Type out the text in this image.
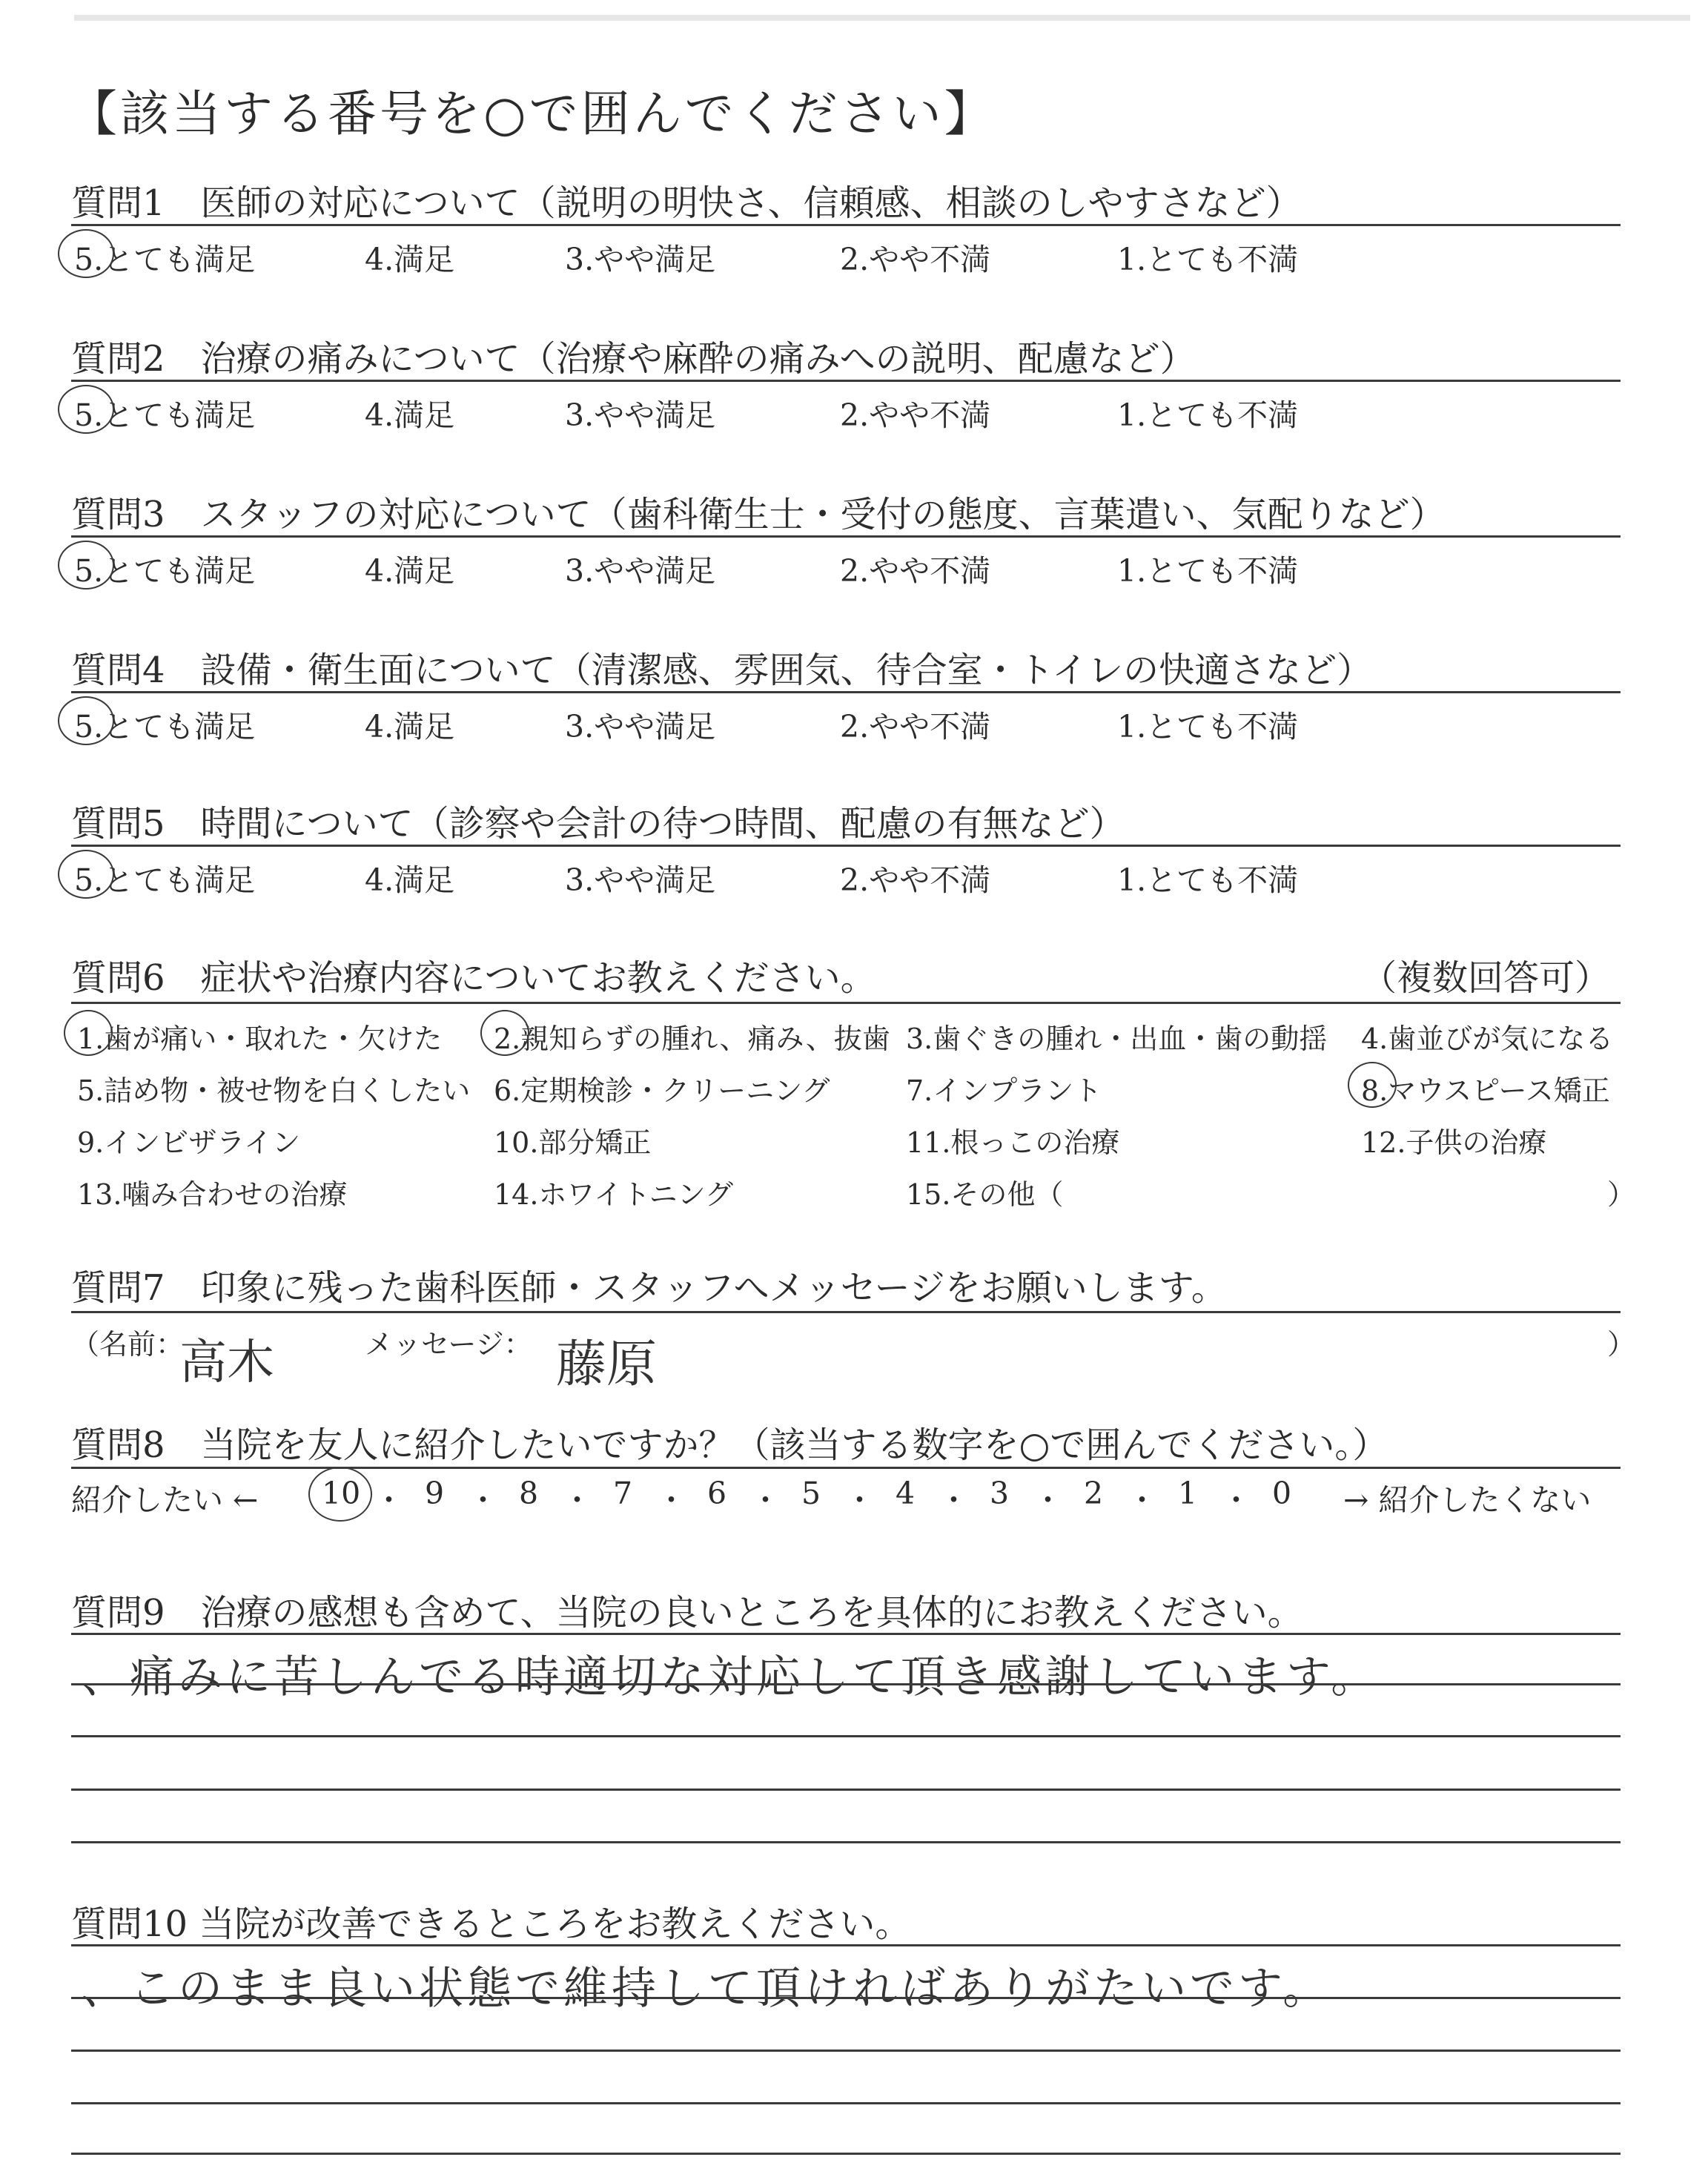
【該当する番号を○で囲んでください】
質問1　医師の対応について（説明の明快さ、信頼感、相談のしやすさなど）
5.とても満足	4.満足	3.やや満足	2.やや不満	1.とても不満
質問2　治療の痛みについて（治療や麻酔の痛みへの説明、配慮など）
5.とても満足	4.満足	3.やや満足	2.やや不満	1.とても不満
質問3　スタッフの対応について（歯科衛生士・受付の態度、言葉遣い、気配りなど）
5.とても満足	4.満足	3.やや満足	2.やや不満	1.とても不満
質問4　設備・衛生面について（清潔感、雰囲気、待合室・トイレの快適さなど）
5.とても満足	4.満足	3.やや満足	2.やや不満	1.とても不満
質問5　時間について（診察や会計の待つ時間、配慮の有無など）
5.とても満足	4.満足	3.やや満足	2.やや不満	1.とても不満
質問6　症状や治療内容についてお教えください。	（複数回答可）
1.歯が痛い・取れた・欠けた 2.親知らずの腫れ、痛み、抜歯 3.歯ぐきの腫れ・出血・歯の動揺 4.歯並びが気になる
5.詰め物・被せ物を白くしたい 6.定期検診・クリーニング	7.インプラント	8.マウスピース矯正
9.インビザライン	10.部分矯正	11.根っこの治療	12.子供の治療
13.噛み合わせの治療	14.ホワイトニング	15.その他（	）
質問7　印象に残った歯科医師・スタッフへメッセージをお願いします。
（名前：
高木	メッセージ： 藤原	）
質問8　当院を友人に紹介したいですか？（該当する数字を○で囲んでください。）
紹介したい ← 10 ・ 9 ・ 8 ・ 7 ・ 6 ・ 5 ・ 4 ・ 3 ・ 2 ・ 1 ・ 0 → 紹介したくない
質問9　治療の感想も含めて、当院の良いところを具体的にお教えください。
、痛みに苦しんでる時適切な対応して頂き感謝しています。
質問10 当院が改善できるところをお教えください。
、このまま良い状態で維持して頂ければありがたいです。
